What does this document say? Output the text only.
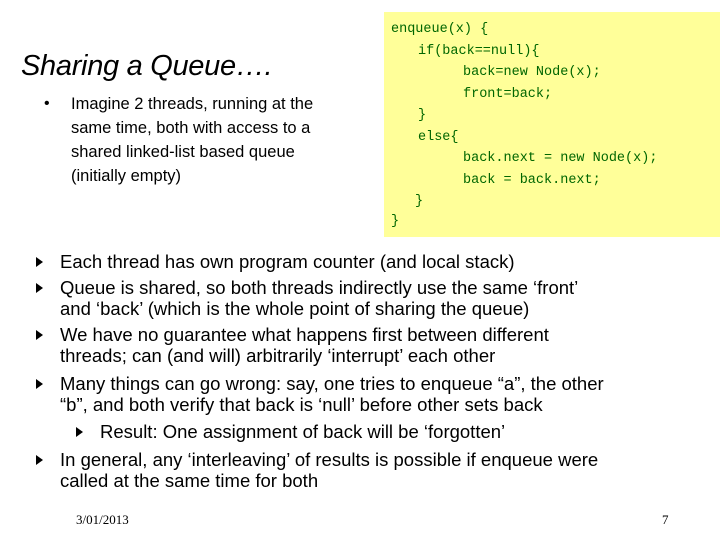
Sharing a Queue….
• Imagine 2 threads, running at the
same time, both with access to a
shared linked-list based queue
(initially empty)
enqueue(x) {
if(back==null){
back=new Node(x);
front=back;
}
else{
back.next = new Node(x);
back = back.next;
}
}
Each thread has own program counter (and local stack)
Queue is shared, so both threads indirectly use the same ‘front’
and ‘back’ (which is the whole point of sharing the queue)
We have no guarantee what happens first between different
threads; can (and will) arbitrarily ‘interrupt’ each other
Many things can go wrong: say, one tries to enqueue “a”, the other
“b”, and both verify that back is ‘null’ before other sets back
Result: One assignment of back will be ‘forgotten’
In general, any ‘interleaving’ of results is possible if enqueue were
called at the same time for both
3/01/2013	7
